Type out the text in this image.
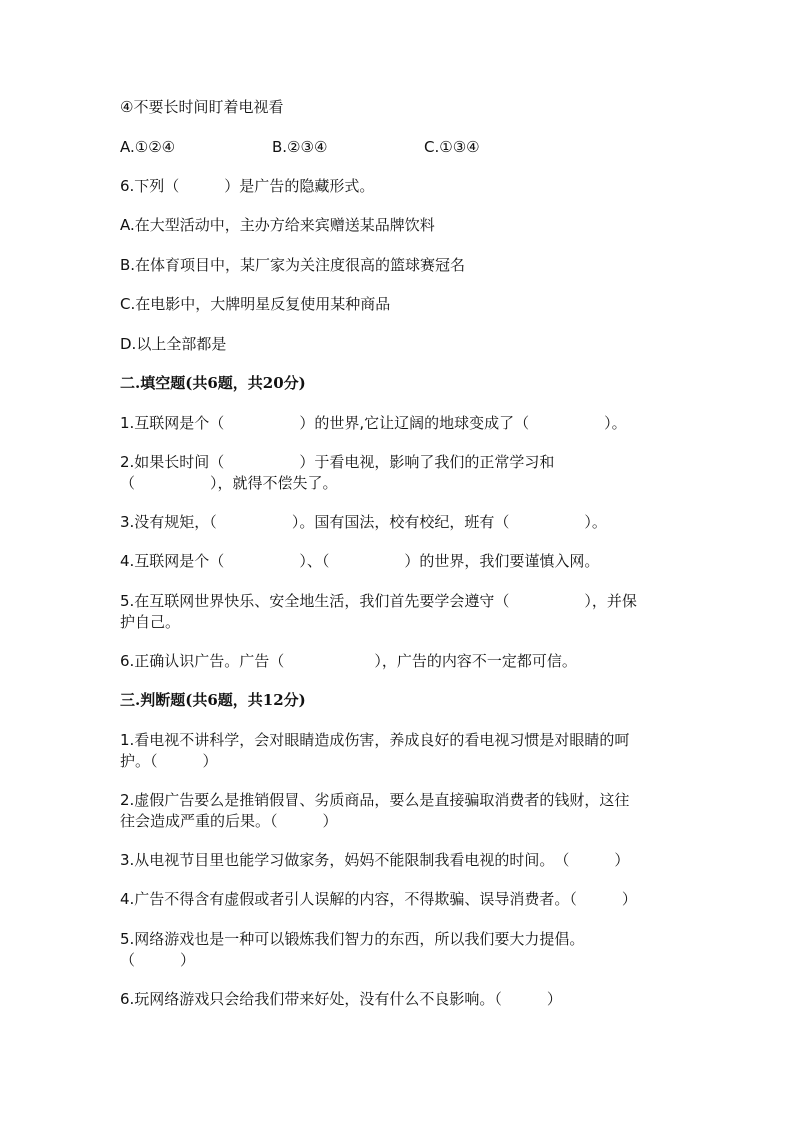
④不要长时间盯着电视看

A.①②④	B.②③④	C.①③④

6.下列（　　　）是广告的隐藏形式。

A.在大型活动中，主办方给来宾赠送某品牌饮料

B.在体育项目中，某厂家为关注度很高的篮球赛冠名

C.在电影中，大牌明星反复使用某种商品

D.以上全部都是

二.填空题(共6题，共20分)

1.互联网是个（　　　　　）的世界,它让辽阔的地球变成了（　　　　　）。

2.如果长时间（　　　　　）于看电视，影响了我们的正常学习和

（　　　　　），就得不偿失了。

3.没有规矩，（　　　　　）。国有国法，校有校纪，班有（　　　　　）。

4.互联网是个（　　　　　）、（　　　　　）的世界，我们要谨慎入网。

5.在互联网世界快乐、安全地生活，我们首先要学会遵守（　　　　　），并保

护自己。

6.正确认识广告。广告（　　　　　　），广告的内容不一定都可信。

三.判断题(共6题，共12分)

1.看电视不讲科学，会对眼睛造成伤害，养成良好的看电视习惯是对眼睛的呵

护。（　　　）

2.虚假广告要么是推销假冒、劣质商品，要么是直接骗取消费者的钱财，这往

往会造成严重的后果。（　　　）

3.从电视节目里也能学习做家务，妈妈不能限制我看电视的时间。　（　　　）

4.广告不得含有虚假或者引人误解的内容，不得欺骗、误导消费者。（　　　）

5.网络游戏也是一种可以锻炼我们智力的东西，所以我们要大力提倡。

（　　　）

6.玩网络游戏只会给我们带来好处，没有什么不良影响。（　　　）
